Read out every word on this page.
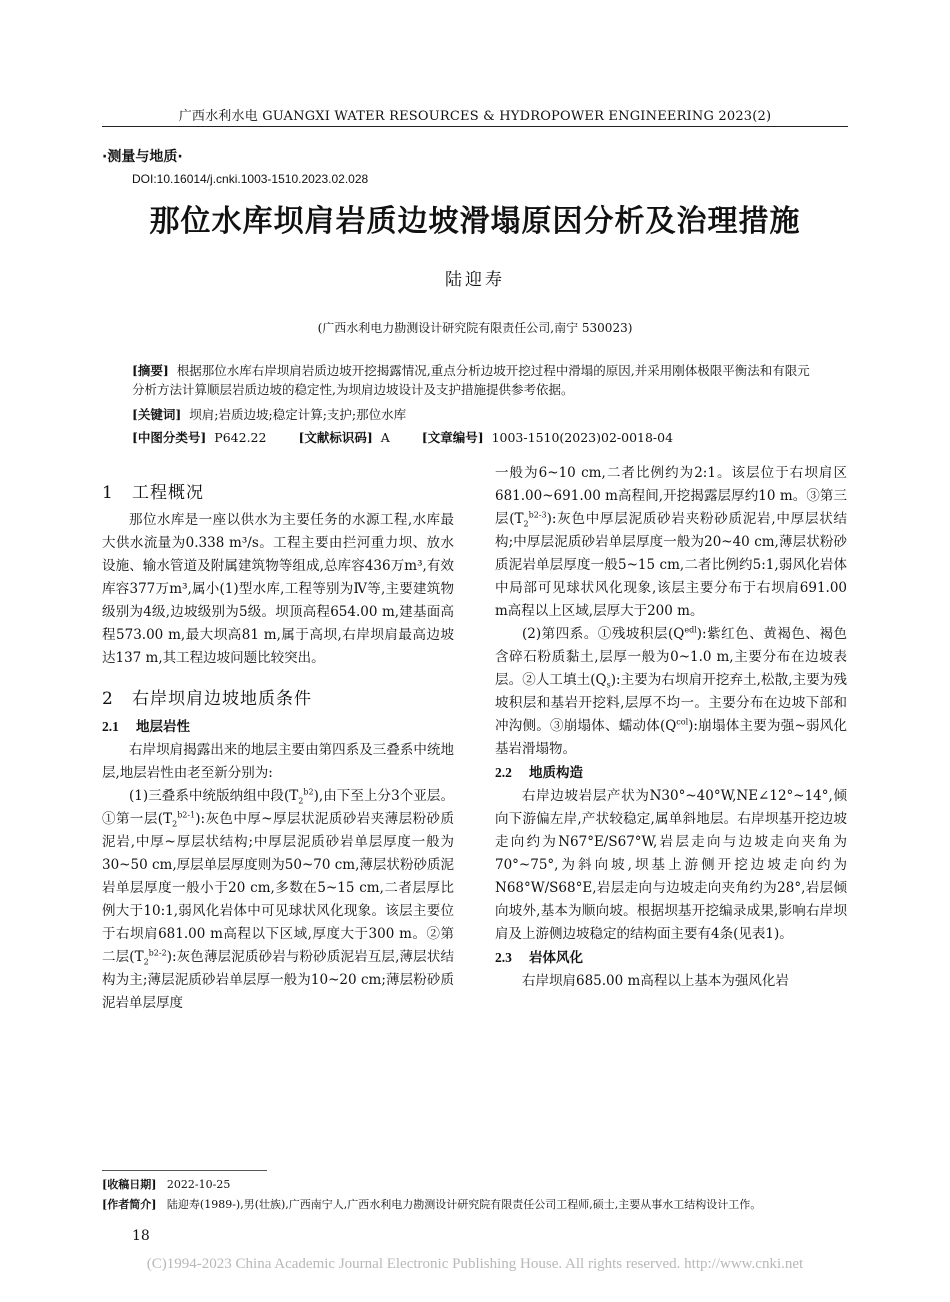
广西水利水电 GUANGXI WATER RESOURCES & HYDROPOWER ENGINEERING 2023(2)
·测量与地质·
DOI:10.16014/j.cnki.1003-1510.2023.02.028
那位水库坝肩岩质边坡滑塌原因分析及治理措施
陆迎寿
(广西水利电力勘测设计研究院有限责任公司,南宁 530023)
[摘要] 根据那位水库右岸坝肩岩质边坡开挖揭露情况,重点分析边坡开挖过程中滑塌的原因,并采用刚体极限平衡法和有限元分析方法计算顺层岩质边坡的稳定性,为坝肩边坡设计及支护措施提供参考依据。
[关键词] 坝肩;岩质边坡;稳定计算;支护;那位水库
[中图分类号] P642.22	[文献标识码] A	[文章编号] 1003-1510(2023)02-0018-04

1 工程概况

那位水库是一座以供水为主要任务的水源工程,水库最大供水流量为0.338 m³/s。工程主要由拦河重力坝、放水设施、输水管道及附属建筑物等组成,总库容436万m³,有效库容377万m³,属小(1)型水库,工程等别为Ⅳ等,主要建筑物级别为4级,边坡级别为5级。坝顶高程654.00 m,建基面高程573.00 m,最大坝高81 m,属于高坝,右岸坝肩最高边坡达137 m,其工程边坡问题比较突出。

2 右岸坝肩边坡地质条件

2.1 地层岩性

右岸坝肩揭露出来的地层主要由第四系及三叠系中统地层,地层岩性由老至新分别为:

(1)三叠系中统版纳组中段$(T_2^{b2})$,由下至上分3个亚层。①第一层$(T_2^{b2-1})$:灰色中厚~厚层状泥质砂岩夹薄层粉砂质泥岩,中厚~厚层状结构;中厚层泥质砂岩单层厚度一般为30~50 cm,厚层单层厚度则为50~70 cm,薄层状粉砂质泥岩单层厚度一般小于20 cm,多数在5~15 cm,二者层厚比例大于10:1,弱风化岩体中可见球状风化现象。该层主要位于右坝肩681.00 m高程以下区域,厚度大于300 m。②第二层$(T_2^{b2-2})$:灰色薄层泥质砂岩与粉砂质泥岩互层,薄层状结构为主;薄层泥质砂岩单层厚一般为10~20 cm;薄层粉砂质泥岩单层厚度

一般为6~10 cm,二者比例约为2:1。该层位于右坝肩区681.00~691.00 m高程间,开挖揭露层厚约10 m。③第三层$(T_2^{b2-3})$:灰色中厚层泥质砂岩夹粉砂质泥岩,中厚层状结构;中厚层泥质砂岩单层厚度一般为20~40 cm,薄层状粉砂质泥岩单层厚度一般5~15 cm,二者比例约5:1,弱风化岩体中局部可见球状风化现象,该层主要分布于右坝肩691.00 m高程以上区域,层厚大于200 m。

(2)第四系。①残坡积层$(Q^{edl})$:紫红色、黄褐色、褐色含碎石粉质黏土,层厚一般为0~1.0 m,主要分布在边坡表层。②人工填土$(Q_s)$:主要为右坝肩开挖弃土,松散,主要为残坡积层和基岩开挖料,层厚不均一。主要分布在边坡下部和冲沟侧。③崩塌体、蠕动体$(Q^{col})$:崩塌体主要为强~弱风化基岩滑塌物。

2.2 地质构造

右岸边坡岩层产状为N30°~40°W,NE∠12°~14°,倾向下游偏左岸,产状较稳定,属单斜地层。右岸坝基开挖边坡走向约为N67°E/S67°W,岩层走向与边坡走向夹角为70°~75°,为斜向坡,坝基上游侧开挖边坡走向约为N68°W/S68°E,岩层走向与边坡走向夹角约为28°,岩层倾向坡外,基本为顺向坡。根据坝基开挖编录成果,影响右岸坝肩及上游侧边坡稳定的结构面主要有4条(见表1)。

2.3 岩体风化

右岸坝肩685.00 m高程以上基本为强风化岩

[收稿日期] 2022-10-25
[作者简介] 陆迎寿(1989-),男(壮族),广西南宁人,广西水利电力勘测设计研究院有限责任公司工程师,硕士,主要从事水工结构设计工作。
18
(C)1994-2023 China Academic Journal Electronic Publishing House. All rights reserved. http://www.cnki.net
